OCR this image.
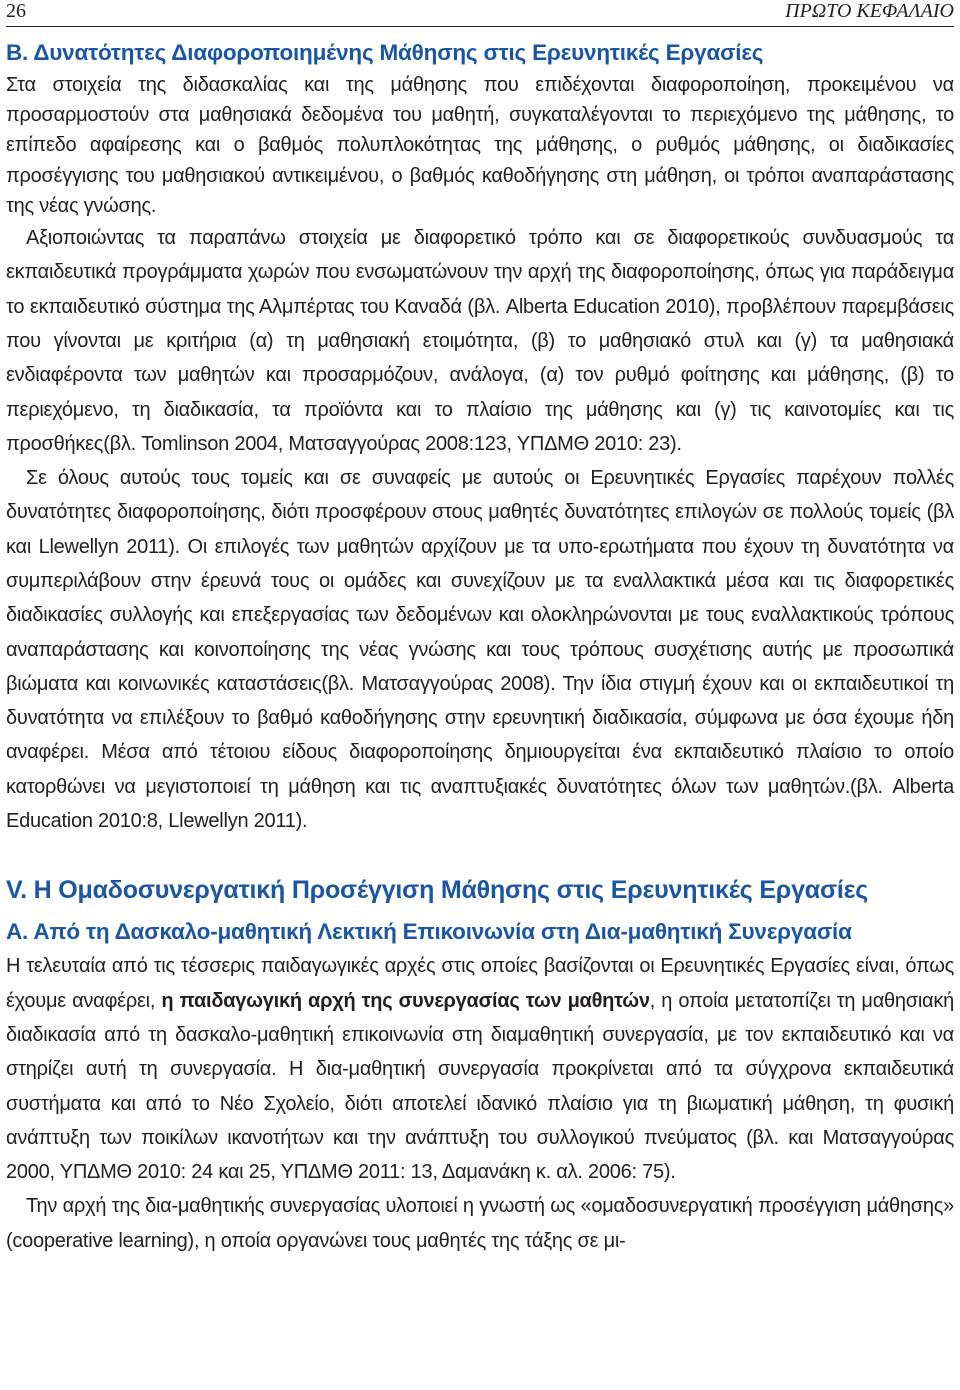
26	ΠΡΩΤΟ ΚΕΦΑΛΑΙΟ
Β. Δυνατότητες Διαφοροποιημένης Μάθησης στις Ερευνητικές Εργασίες

Στα στοιχεία της διδασκαλίας και της μάθησης που επιδέχονται διαφοροποίηση, προκειμένου να προσαρμοστούν στα μαθησιακά δεδομένα του μαθητή, συγκαταλέγονται το περιεχόμενο της μάθησης, το επίπεδο αφαίρεσης και ο βαθμός πολυπλοκότητας της μάθησης, ο ρυθμός μάθησης, οι διαδικασίες προσέγγισης του μαθησιακού αντικειμένου, ο βαθμός καθοδήγησης στη μάθηση, οι τρόποι αναπαράστασης της νέας γνώσης.

Αξιοποιώντας τα παραπάνω στοιχεία με διαφορετικό τρόπο και σε διαφορετικούς συνδυασμούς τα εκπαιδευτικά προγράμματα χωρών που ενσωματώνουν την αρχή της διαφοροποίησης, όπως για παράδειγμα το εκπαιδευτικό σύστημα της Αλμπέρτας του Καναδά (βλ. Alberta Education 2010), προβλέπουν παρεμβάσεις που γίνονται με κριτήρια (α) τη μαθησιακή ετοιμότητα, (β) το μαθησιακό στυλ και (γ) τα μαθησιακά ενδιαφέροντα των μαθητών και προσαρμόζουν, ανάλογα, (α) τον ρυθμό φοίτησης και μάθησης, (β) το περιεχόμενο, τη διαδικασία, τα προϊόντα και το πλαίσιο της μάθησης και (γ) τις καινοτομίες και τις προσθήκες(βλ. Tomlinson 2004, Ματσαγγούρας 2008:123, ΥΠΔΜΘ 2010: 23).

Σε όλους αυτούς τους τομείς και σε συναφείς με αυτούς οι Ερευνητικές Εργασίες παρέχουν πολλές δυνατότητες διαφοροποίησης, διότι προσφέρουν στους μαθητές δυνατότητες επιλογών σε πολλούς τομείς (βλ και Llewellyn 2011). Οι επιλογές των μαθητών αρχίζουν με τα υπο-ερωτήματα που έχουν τη δυνατότητα να συμπεριλάβουν στην έρευνά τους οι ομάδες και συνεχίζουν με τα εναλλακτικά μέσα και τις διαφορετικές διαδικασίες συλλογής και επεξεργασίας των δεδομένων και ολοκληρώνονται με τους εναλλακτικούς τρόπους αναπαράστασης και κοινοποίησης της νέας γνώσης και τους τρόπους συσχέτισης αυτής με προσωπικά βιώματα και κοινωνικές καταστάσεις(βλ. Ματσαγγούρας 2008). Την ίδια στιγμή έχουν και οι εκπαιδευτικοί τη δυνατότητα να επιλέξουν το βαθμό καθοδήγησης στην ερευνητική διαδικασία, σύμφωνα με όσα έχουμε ήδη αναφέρει. Μέσα από τέτοιου είδους διαφοροποίησης δημιουργείται ένα εκπαιδευτικό πλαίσιο το οποίο κατορθώνει να μεγιστοποιεί τη μάθηση και τις αναπτυξιακές δυνατότητες όλων των μαθητών.(βλ. Alberta Education 2010:8, Llewellyn 2011).

V. Η Ομαδοσυνεργατική Προσέγγιση Μάθησης στις Ερευνητικές Εργασίες
Α. Από τη Δασκαλο-μαθητική Λεκτική Επικοινωνία στη Δια-μαθητική Συνεργασία

Η τελευταία από τις τέσσερις παιδαγωγικές αρχές στις οποίες βασίζονται οι Ερευνητικές Εργασίες είναι, όπως έχουμε αναφέρει, η παιδαγωγική αρχή της συνεργασίας των μαθητών, η οποία μετατοπίζει τη μαθησιακή διαδικασία από τη δασκαλο-μαθητική επικοινωνία στη διαμαθητική συνεργασία, με τον εκπαιδευτικό και να στηρίζει αυτή τη συνεργασία. Η δια-μαθητική συνεργασία προκρίνεται από τα σύγχρονα εκπαιδευτικά συστήματα και από το Νέο Σχολείο, διότι αποτελεί ιδανικό πλαίσιο για τη βιωματική μάθηση, τη φυσική ανάπτυξη των ποικίλων ικανοτήτων και την ανάπτυξη του συλλογικού πνεύματος (βλ. και Ματσαγγούρας 2000, ΥΠΔΜΘ 2010: 24 και 25, ΥΠΔΜΘ 2011: 13, Δαμανάκη κ. αλ. 2006: 75).

Την αρχή της δια-μαθητικής συνεργασίας υλοποιεί η γνωστή ως «ομαδοσυνεργατική προσέγγιση μάθησης» (cooperative learning), η οποία οργανώνει τους μαθητές της τάξης σε μι-
